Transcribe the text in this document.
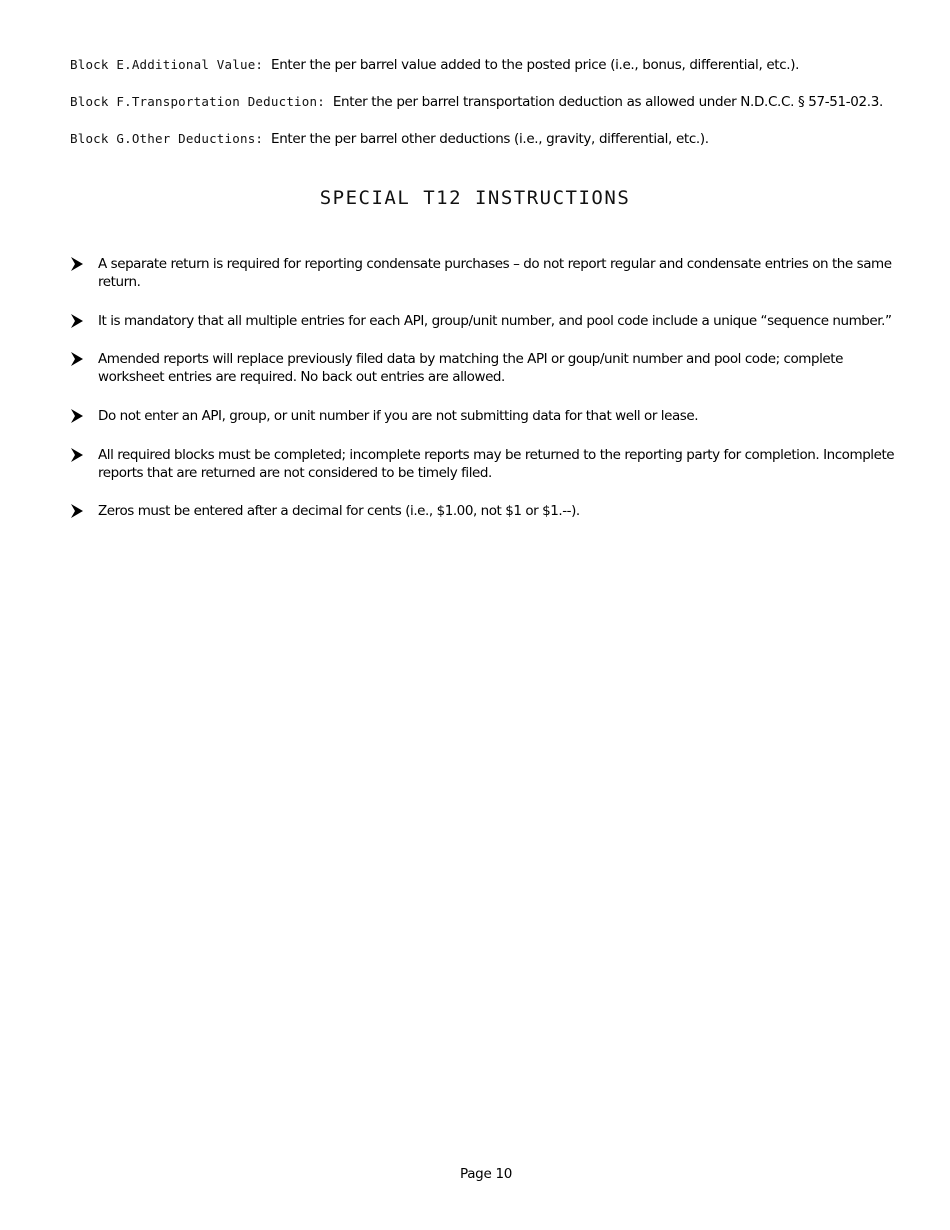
Block E.Additional Value: Enter the per barrel value added to the posted price (i.e., bonus, differential, etc.).
Block F.Transportation Deduction: Enter the per barrel transportation deduction as allowed under N.D.C.C. § 57-51-02.3.
Block G.Other Deductions: Enter the per barrel other deductions (i.e., gravity, differential, etc.).
SPECIAL T12 INSTRUCTIONS
A separate return is required for reporting condensate purchases – do not report regular and condensate entries on the same return.
It is mandatory that all multiple entries for each API, group/unit number, and pool code include a unique “sequence number.”
Amended reports will replace previously filed data by matching the API or goup/unit number and pool code; complete worksheet entries are required. No back out entries are allowed.
Do not enter an API, group, or unit number if you are not submitting data for that well or lease.
All required blocks must be completed; incomplete reports may be returned to the reporting party for completion. Incomplete reports that are returned are not considered to be timely filed.
Zeros must be entered after a decimal for cents (i.e., $1.00, not $1 or $1.--).
Page 10
